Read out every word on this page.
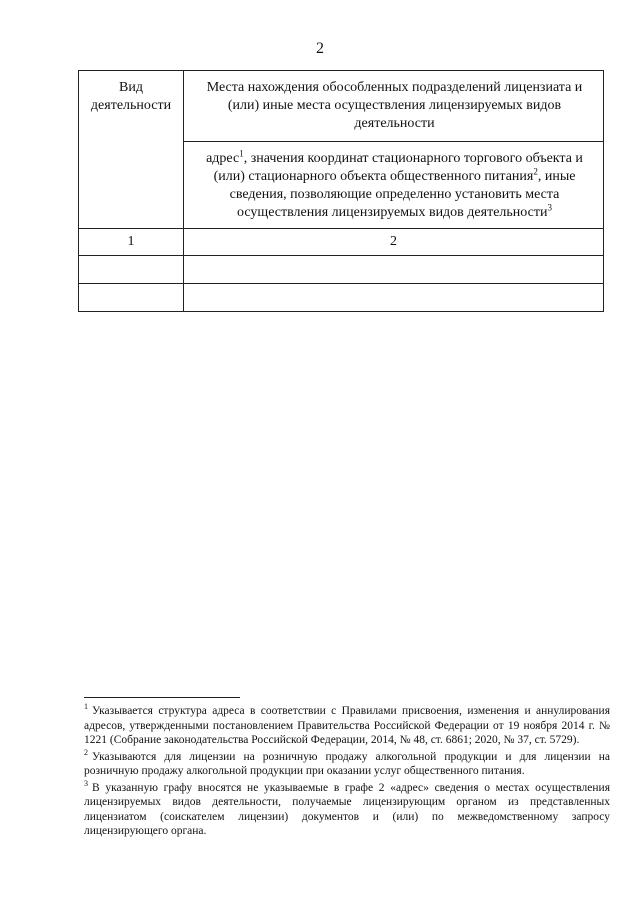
2
Вид деятельности	Места нахождения обособленных подразделений лицензиата и (или) иные места осуществления лицензируемых видов деятельности
адрес$^1$, значения координат стационарного торгового объекта и (или) стационарного объекта общественного питания$^2$, иные сведения, позволяющие определенно установить места осуществления лицензируемых видов деятельности$^3$

1	2

$^1$ Указывается структура адреса в соответствии с Правилами присвоения, изменения и аннулирования адресов, утвержденными постановлением Правительства Российской Федерации от 19 ноября 2014 г. № 1221 (Собрание законодательства Российской Федерации, 2014, № 48, ст. 6861; 2020, № 37, ст. 5729).

$^2$ Указываются для лицензии на розничную продажу алкогольной продукции и для лицензии на розничную продажу алкогольной продукции при оказании услуг общественного питания.

$^3$ В указанную графу вносятся не указываемые в графе 2 «адрес» сведения о местах осуществления лицензируемых видов деятельности, получаемые лицензирующим органом из представленных лицензиатом (соискателем лицензии) документов и (или) по межведомственному запросу лицензирующего органа.
